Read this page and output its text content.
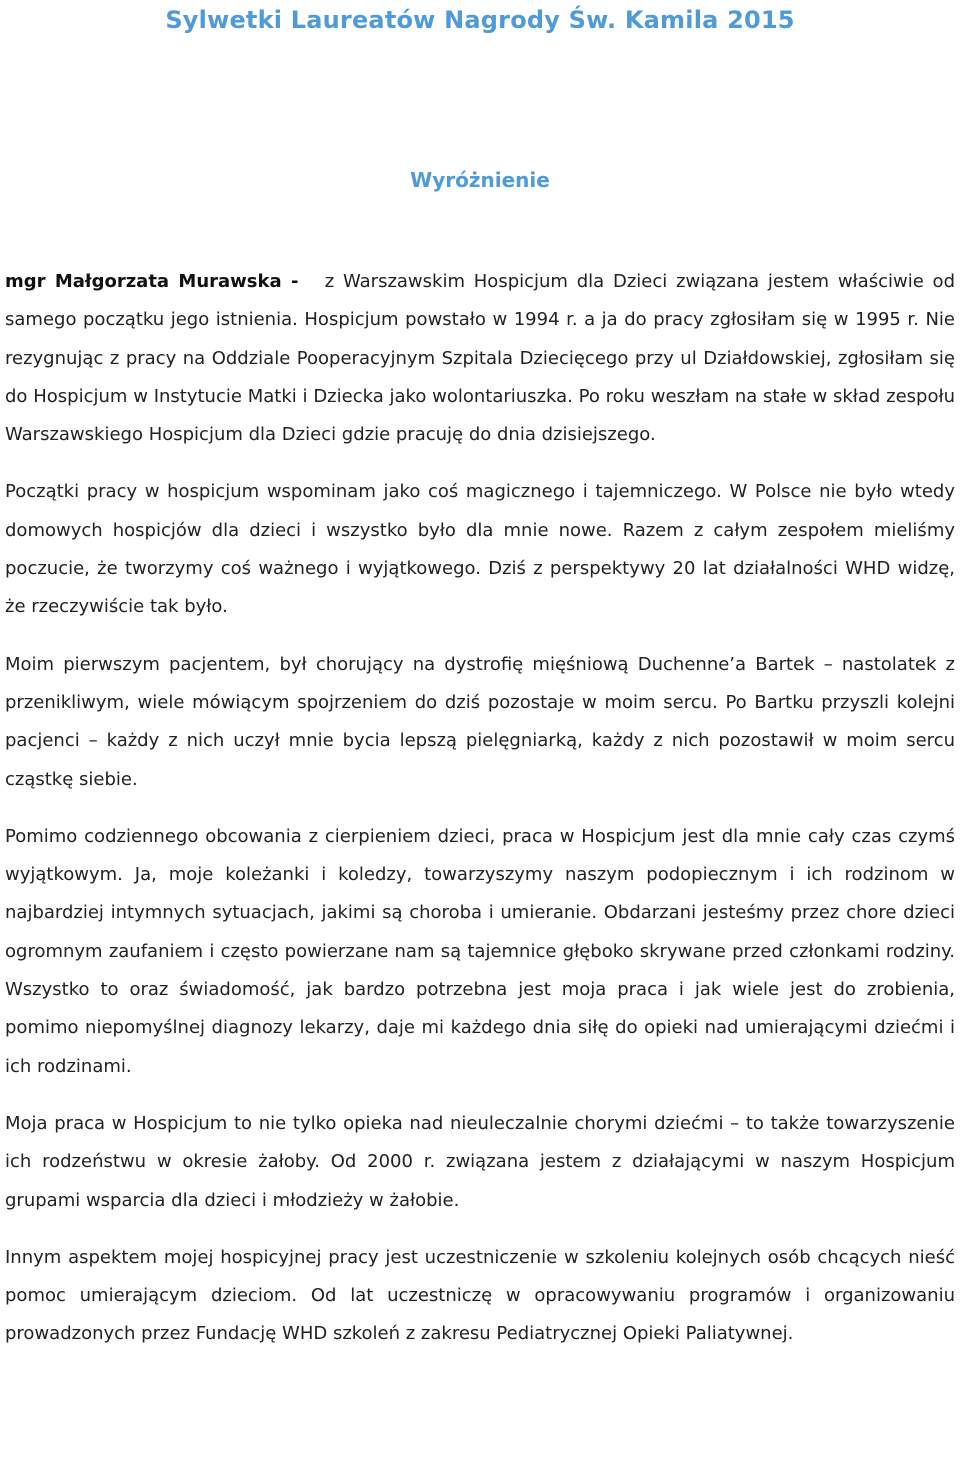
Sylwetki Laureatów Nagrody Św. Kamila 2015
Wyróżnienie

mgr Małgorzata Murawska - z Warszawskim Hospicjum dla Dzieci związana jestem właściwie od samego początku jego istnienia. Hospicjum powstało w 1994 r. a ja do pracy zgłosiłam się w 1995 r. Nie rezygnując z pracy na Oddziale Pooperacyjnym Szpitala Dziecięcego przy ul Działdowskiej, zgłosiłam się do Hospicjum w Instytucie Matki i Dziecka jako wolontariuszka. Po roku weszłam na stałe w skład zespołu Warszawskiego Hospicjum dla Dzieci gdzie pracuję do dnia dzisiejszego.

Początki pracy w hospicjum wspominam jako coś magicznego i tajemniczego. W Polsce nie było wtedy domowych hospicjów dla dzieci i wszystko było dla mnie nowe. Razem z całym zespołem mieliśmy poczucie, że tworzymy coś ważnego i wyjątkowego. Dziś z perspektywy 20 lat działalności WHD widzę, że rzeczywiście tak było.

Moim pierwszym pacjentem, był chorujący na dystrofię mięśniową Duchenne’a Bartek – nastolatek z przenikliwym, wiele mówiącym spojrzeniem do dziś pozostaje w moim sercu. Po Bartku przyszli kolejni pacjenci – każdy z nich uczył mnie bycia lepszą pielęgniarką, każdy z nich pozostawił w moim sercu cząstkę siebie.

Pomimo codziennego obcowania z cierpieniem dzieci, praca w Hospicjum jest dla mnie cały czas czymś wyjątkowym. Ja, moje koleżanki i koledzy, towarzyszymy naszym podopiecznym i ich rodzinom w najbardziej intymnych sytuacjach, jakimi są choroba i umieranie. Obdarzani jesteśmy przez chore dzieci ogromnym zaufaniem i często powierzane nam są tajemnice głęboko skrywane przed członkami rodziny. Wszystko to oraz świadomość, jak bardzo potrzebna jest moja praca i jak wiele jest do zrobienia, pomimo niepomyślnej diagnozy lekarzy, daje mi każdego dnia siłę do opieki nad umierającymi dziećmi i ich rodzinami.

Moja praca w Hospicjum to nie tylko opieka nad nieuleczalnie chorymi dziećmi – to także towarzyszenie ich rodzeństwu w okresie żałoby. Od 2000 r. związana jestem z działającymi w naszym Hospicjum grupami wsparcia dla dzieci i młodzieży w żałobie.

Innym aspektem mojej hospicyjnej pracy jest uczestniczenie w szkoleniu kolejnych osób chcących nieść pomoc umierającym dzieciom. Od lat uczestniczę w opracowywaniu programów i organizowaniu prowadzonych przez Fundację WHD szkoleń z zakresu Pediatrycznej Opieki Paliatywnej.
